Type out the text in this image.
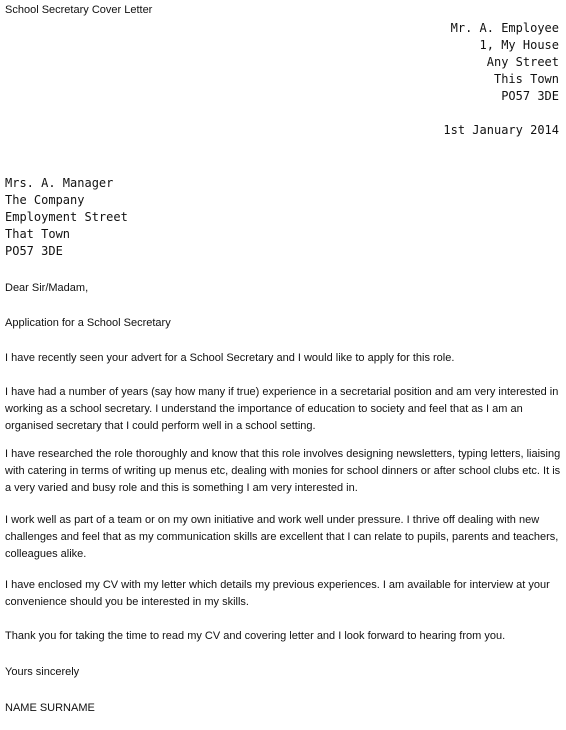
School Secretary Cover Letter
Mr. A. Employee
1, My House
Any Street
This Town
PO57 3DE
1st January 2014
Mrs. A. Manager
The Company
Employment Street
That Town
PO57 3DE

Dear Sir/Madam,

Application for a School Secretary

I have recently seen your advert for a School Secretary and I would like to apply for this role.

I have had a number of years (say how many if true) experience in a secretarial position and am very interested in working as a school secretary. I understand the importance of education to society and feel that as I am an organised secretary that I could perform well in a school setting.

I have researched the role thoroughly and know that this role involves designing newsletters, typing letters, liaising with catering in terms of writing up menus etc, dealing with monies for school dinners or after school clubs etc. It is a very varied and busy role and this is something I am very interested in.

I work well as part of a team or on my own initiative and work well under pressure. I thrive off dealing with new challenges and feel that as my communication skills are excellent that I can relate to pupils, parents and teachers, colleagues alike.

I have enclosed my CV with my letter which details my previous experiences. I am available for interview at your convenience should you be interested in my skills.

Thank you for taking the time to read my CV and covering letter and I look forward to hearing from you.

Yours sincerely

NAME SURNAME
